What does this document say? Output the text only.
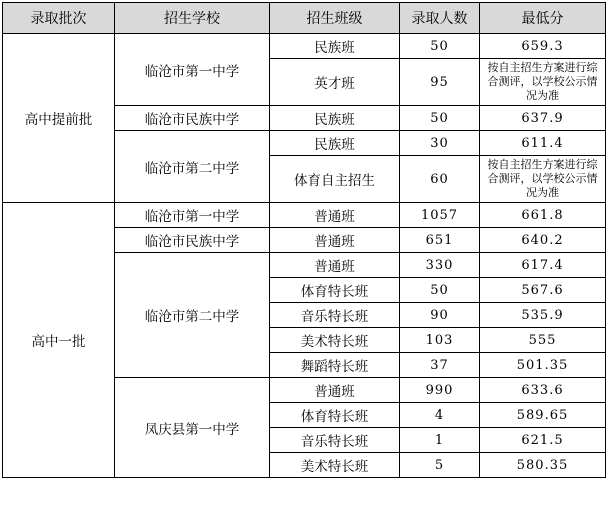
录取批次	招生学校	招生班级	录取人数	最低分
高中提前批	临沧市第一中学	民族班	50	659.3
		英才班	95	按自主招生方案进行综合测评，以学校公示情况为准
	临沧市民族中学	民族班	50	637.9
	临沧市第二中学	民族班	30	611.4
		体育自主招生	60	按自主招生方案进行综合测评，以学校公示情况为准
高中一批	临沧市第一中学	普通班	1057	661.8
	临沧市民族中学	普通班	651	640.2
	临沧市第二中学	普通班	330	617.4
		体育特长班	50	567.6
		音乐特长班	90	535.9
		美术特长班	103	555
		舞蹈特长班	37	501.35
	凤庆县第一中学	普通班	990	633.6
		体育特长班	4	589.65
		音乐特长班	1	621.5
		美术特长班	5	580.35
